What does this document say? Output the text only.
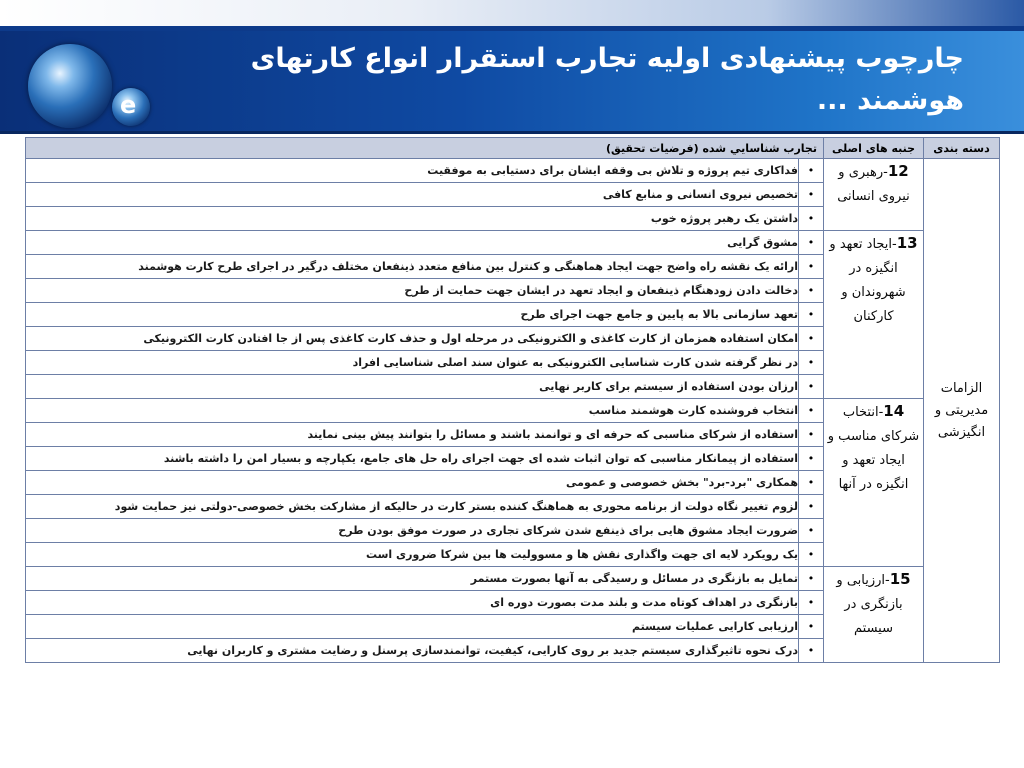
e
چارچوب پیشنهادی اولیه تجارب استقرار انواع کارتهای هوشمند ...
دسته بندی	جنبه های اصلی	تجارب شناسایي شده (فرضیات تحقیق)	
الزامات مدیریتی و انگیزشی	12-رهبری و نیروی انسانی	•	فداکاری تیم پروژه و تلاش بی وقفه ایشان برای دستیابی به موفقیت
		•	تخصیص نیروی انسانی و منابع کافی
		•	داشتن یک رهبر پروژه خوب
	13-ایجاد تعهد و انگیزه در شهروندان و کارکنان	•	مشوق گرایی
		•	ارائه یک نقشه راه واضح جهت ایجاد هماهنگی و کنترل بین منافع متعدد ذینفعان مختلف درگیر در اجرای طرح کارت هوشمند
		•	دخالت دادن زودهنگام ذینفعان و ایجاد تعهد در ایشان جهت حمایت از طرح
		•	تعهد سازمانی بالا به پایین و جامع جهت اجرای طرح
		•	امکان استفاده همزمان از کارت کاغذی و الکترونیکی در مرحله اول و حذف کارت کاغذی پس از جا افتادن کارت الکترونیکی
		•	در نظر گرفته شدن کارت شناسایی الکترونیکی به عنوان سند اصلی شناسایی افراد
		•	ارزان بودن استفاده از سیستم برای کاربر نهایی
	14-انتخاب شرکای مناسب و ایجاد تعهد و انگیزه در آنها	•	انتخاب فروشنده کارت هوشمند مناسب
		•	استفاده از شرکای مناسبی که حرفه ای و توانمند باشند و مسائل را بتوانند پیش بینی نمایند
		•	استفاده از پیمانکار مناسبی که توان اثبات شده ای جهت اجرای راه حل های جامع، یکپارچه و بسیار امن را داشته باشند
		•	همکاری "برد-برد" بخش خصوصی و عمومی
		•	لزوم تغییر نگاه دولت از برنامه محوری به هماهنگ کننده بستر کارت در حالیکه از مشارکت بخش خصوصی-دولتی نیز حمایت شود
		•	ضرورت ایجاد مشوق هایی برای ذینفع شدن شرکای تجاری در صورت موفق بودن طرح
		•	یک رویکرد لایه ای جهت واگذاری نقش ها و مسوولیت ها بین شرکا ضروری است
	15-ارزیابی و بازنگری در سیستم	•	تمایل به بازنگری در مسائل و رسیدگی به آنها بصورت مستمر
		•	بازنگری در اهداف کوتاه مدت و بلند مدت بصورت دوره ای
		•	ارزیابی کارایی عملیات سیستم
		•	درک نحوه تاثیرگذاری سیستم جدید بر روی کارایی، کیفیت، توانمندسازی پرسنل و رضایت مشتری و کاربران نهایی
